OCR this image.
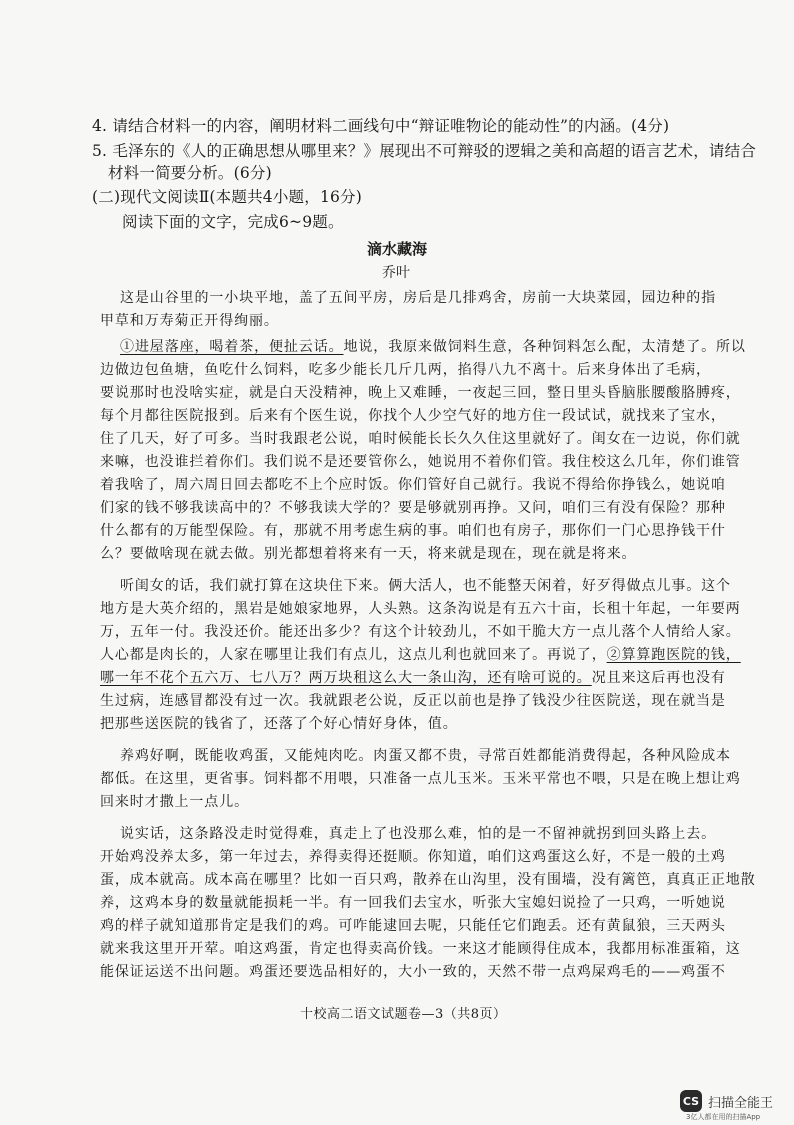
4. 请结合材料一的内容，阐明材料二画线句中“辩证唯物论的能动性”的内涵。(4分)
5. 毛泽东的《人的正确思想从哪里来？》展现出不可辩驳的逻辑之美和高超的语言艺术，请结合
材料一简要分析。(6分)
(二)现代文阅读Ⅱ(本题共4小题，16分)
阅读下面的文字，完成6~9题。
滴水藏海
乔叶
这是山谷里的一小块平地，盖了五间平房，房后是几排鸡舍，房前一大块菜园，园边种的指
甲草和万寿菊正开得绚丽。
①进屋落座，喝着茶，便扯云话。地说，我原来做饲料生意，各种饲料怎么配，太清楚了。所以
边做边包鱼塘，鱼吃什么饲料，吃多少能长几斤几两，掐得八九不离十。后来身体出了毛病，
要说那时也没啥实症，就是白天没精神，晚上又难睡，一夜起三回，整日里头昏脑胀腰酸胳膊疼，
每个月都往医院报到。后来有个医生说，你找个人少空气好的地方住一段试试，就找来了宝水，
住了几天，好了可多。当时我跟老公说，咱时候能长长久久住这里就好了。闺女在一边说，你们就
来嘛，也没谁拦着你们。我们说不是还要管你么，她说用不着你们管。我住校这么几年，你们谁管
着我啥了，周六周日回去都吃不上个应时饭。你们管好自己就行。我说不得给你挣钱么，她说咱
们家的钱不够我读高中的？不够我读大学的？要是够就别再挣。又问，咱们三有没有保险？那种
什么都有的万能型保险。有，那就不用考虑生病的事。咱们也有房子，那你们一门心思挣钱干什
么？要做啥现在就去做。别光都想着将来有一天，将来就是现在，现在就是将来。
听闺女的话，我们就打算在这块住下来。俩大活人，也不能整天闲着，好歹得做点儿事。这个
地方是大英介绍的，黑岩是她娘家地界，人头熟。这条沟说是有五六十亩，长租十年起，一年要两
万，五年一付。我没还价。能还出多少？有这个计较劲儿，不如干脆大方一点儿落个人情给人家。
人心都是肉长的，人家在哪里让我们有点儿，这点儿利也就回来了。再说了，②算算跑医院的钱，
哪一年不花个五六万、七八万？两万块租这么大一条山沟，还有啥可说的。况且来这后再也没有
生过病，连感冒都没有过一次。我就跟老公说，反正以前也是挣了钱没少往医院送，现在就当是
把那些送医院的钱省了，还落了个好心情好身体，值。
养鸡好啊，既能收鸡蛋，又能炖肉吃。肉蛋又都不贵，寻常百姓都能消费得起，各种风险成本
都低。在这里，更省事。饲料都不用喂，只准备一点儿玉米。玉米平常也不喂，只是在晚上想让鸡
回来时才撒上一点儿。
说实话，这条路没走时觉得难，真走上了也没那么难，怕的是一不留神就拐到回头路上去。
开始鸡没养太多，第一年过去，养得卖得还挺顺。你知道，咱们这鸡蛋这么好，不是一般的土鸡
蛋，成本就高。成本高在哪里？比如一百只鸡，散养在山沟里，没有围墙，没有篱笆，真真正正地散
养，这鸡本身的数量就能损耗一半。有一回我们去宝水，听张大宝媳妇说捡了一只鸡，一听她说
鸡的样子就知道那肯定是我们的鸡。可咋能逮回去呢，只能任它们跑丢。还有黄鼠狼，三天两头
就来我这里开开荤。咱这鸡蛋，肯定也得卖高价钱。一来这才能顾得住成本，我都用标准蛋箱，这
能保证运送不出问题。鸡蛋还要选品相好的，大小一致的，天然不带一点鸡屎鸡毛的——鸡蛋不
十校高二语文试题卷—3（共8页）
CS 扫描全能王
3亿人都在用的扫描App
